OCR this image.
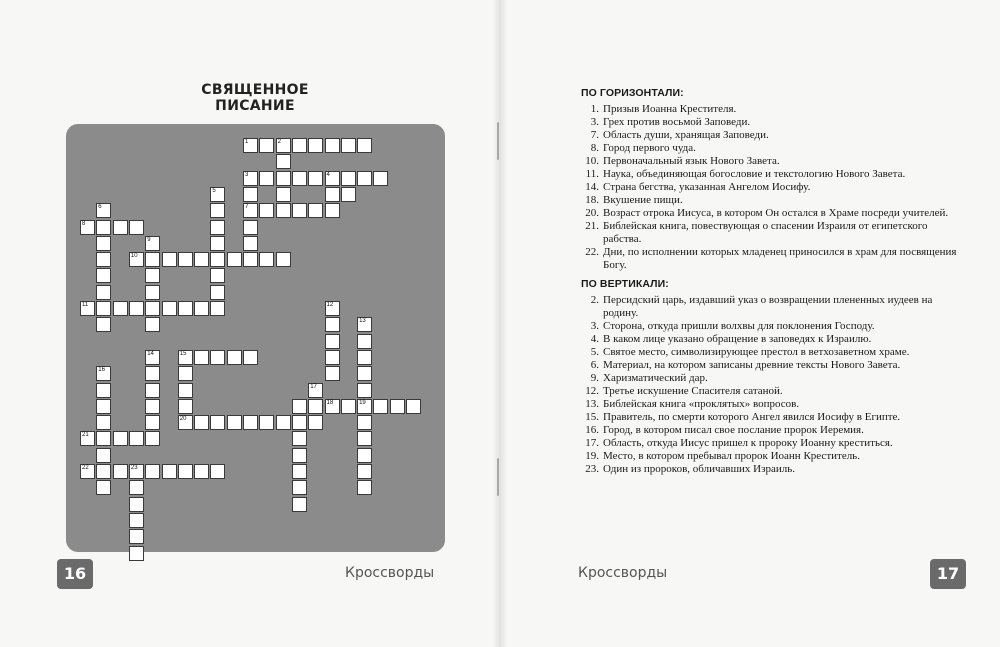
СВЯЩЕННОЕ ПИСАНИЕ
1	2
3	4
5
6	7
8
9
10
11	12
13
14	15
16
17
18	19
20
21
22	23
16	Кроссворды	17
Кроссворды
ПО ГОРИЗОНТАЛИ:
1. Призыв Иоанна Крестителя.
3. Грех против восьмой Заповеди.
7. Область души, хранящая Заповеди.
8. Город первого чуда.
10. Первоначальный язык Нового Завета.
11. Наука, объединяющая богословие и текстологию Нового Завета.
14. Страна бегства, указанная Ангелом Иосифу.
18. Вкушение пищи.
20. Возраст отрока Иисуса, в котором Он остался в Храме посреди учителей.
21. Библейская книга, повествующая о спасении Израиля от египетского рабства.
22. Дни, по исполнении которых младенец приносился в храм для посвящения Богу.
ПО ВЕРТИКАЛИ:
2. Персидский царь, издавший указ о возвращении плененных иудеев на родину.
3. Сторона, откуда пришли волхвы для поклонения Господу.
4. В каком лице указано обращение в заповедях к Израилю.
5. Святое место, символизирующее престол в ветхозаветном храме.
6. Материал, на котором записаны древние тексты Нового Завета.
9. Харизматический дар.
12. Третье искушение Спасителя сатаной.
13. Библейская книга «проклятых» вопросов.
15. Правитель, по смерти которого Ангел явился Иосифу в Египте.
16. Город, в котором писал свое послание пророк Иеремия.
17. Область, откуда Иисус пришел к пророку Иоанну креститься.
19. Место, в котором пребывал пророк Иоанн Креститель.
23. Один из пророков, обличавших Израиль.
